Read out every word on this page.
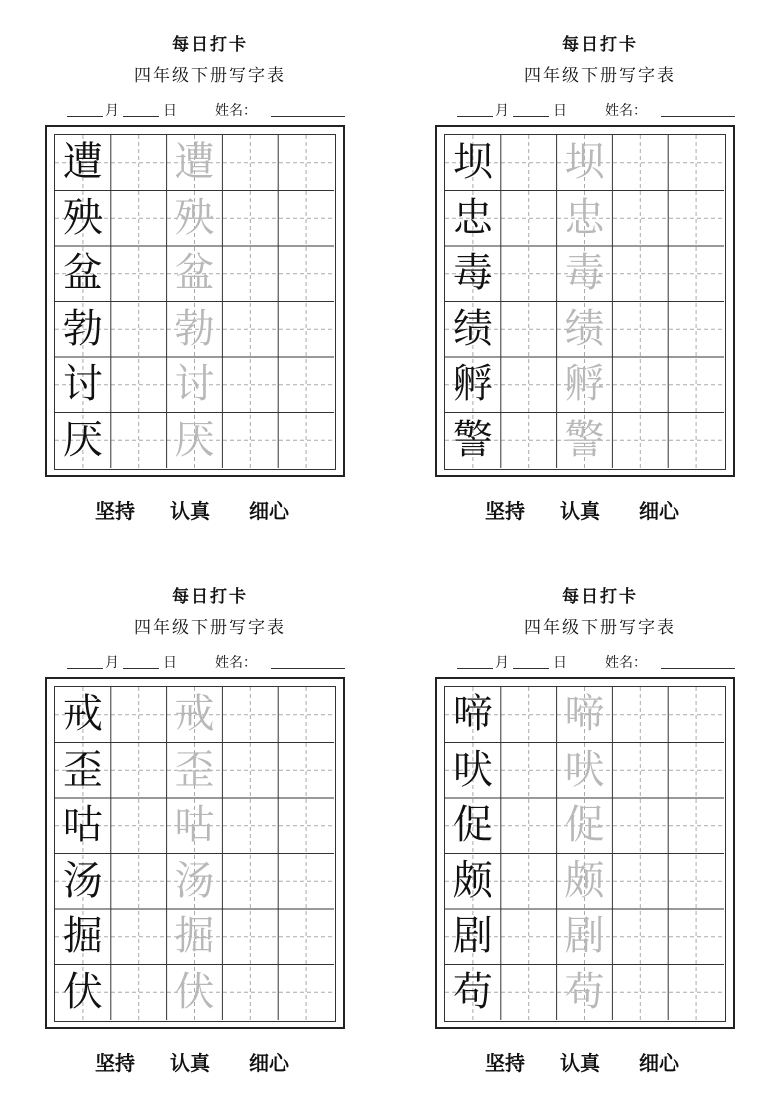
每日打卡
四年级下册写字表
月	日	姓名：
遭 遭
殃 殃
盆 盆
勃 勃
讨 讨
厌 厌
坚持 认真 细心
每日打卡
四年级下册写字表
月	日	姓名：
坝 坝
忠 忠
毒 毒
绩 绩
孵 孵
警 警
坚持 认真 细心
每日打卡
四年级下册写字表
月	日	姓名：
戒 戒
歪 歪
咕 咕
汤 汤
掘 掘
伏 伏
坚持 认真 细心
每日打卡
四年级下册写字表
月	日	姓名：
啼 啼
吠 吠
促 促
颇 颇
剧 剧
苟 苟
坚持 认真 细心
